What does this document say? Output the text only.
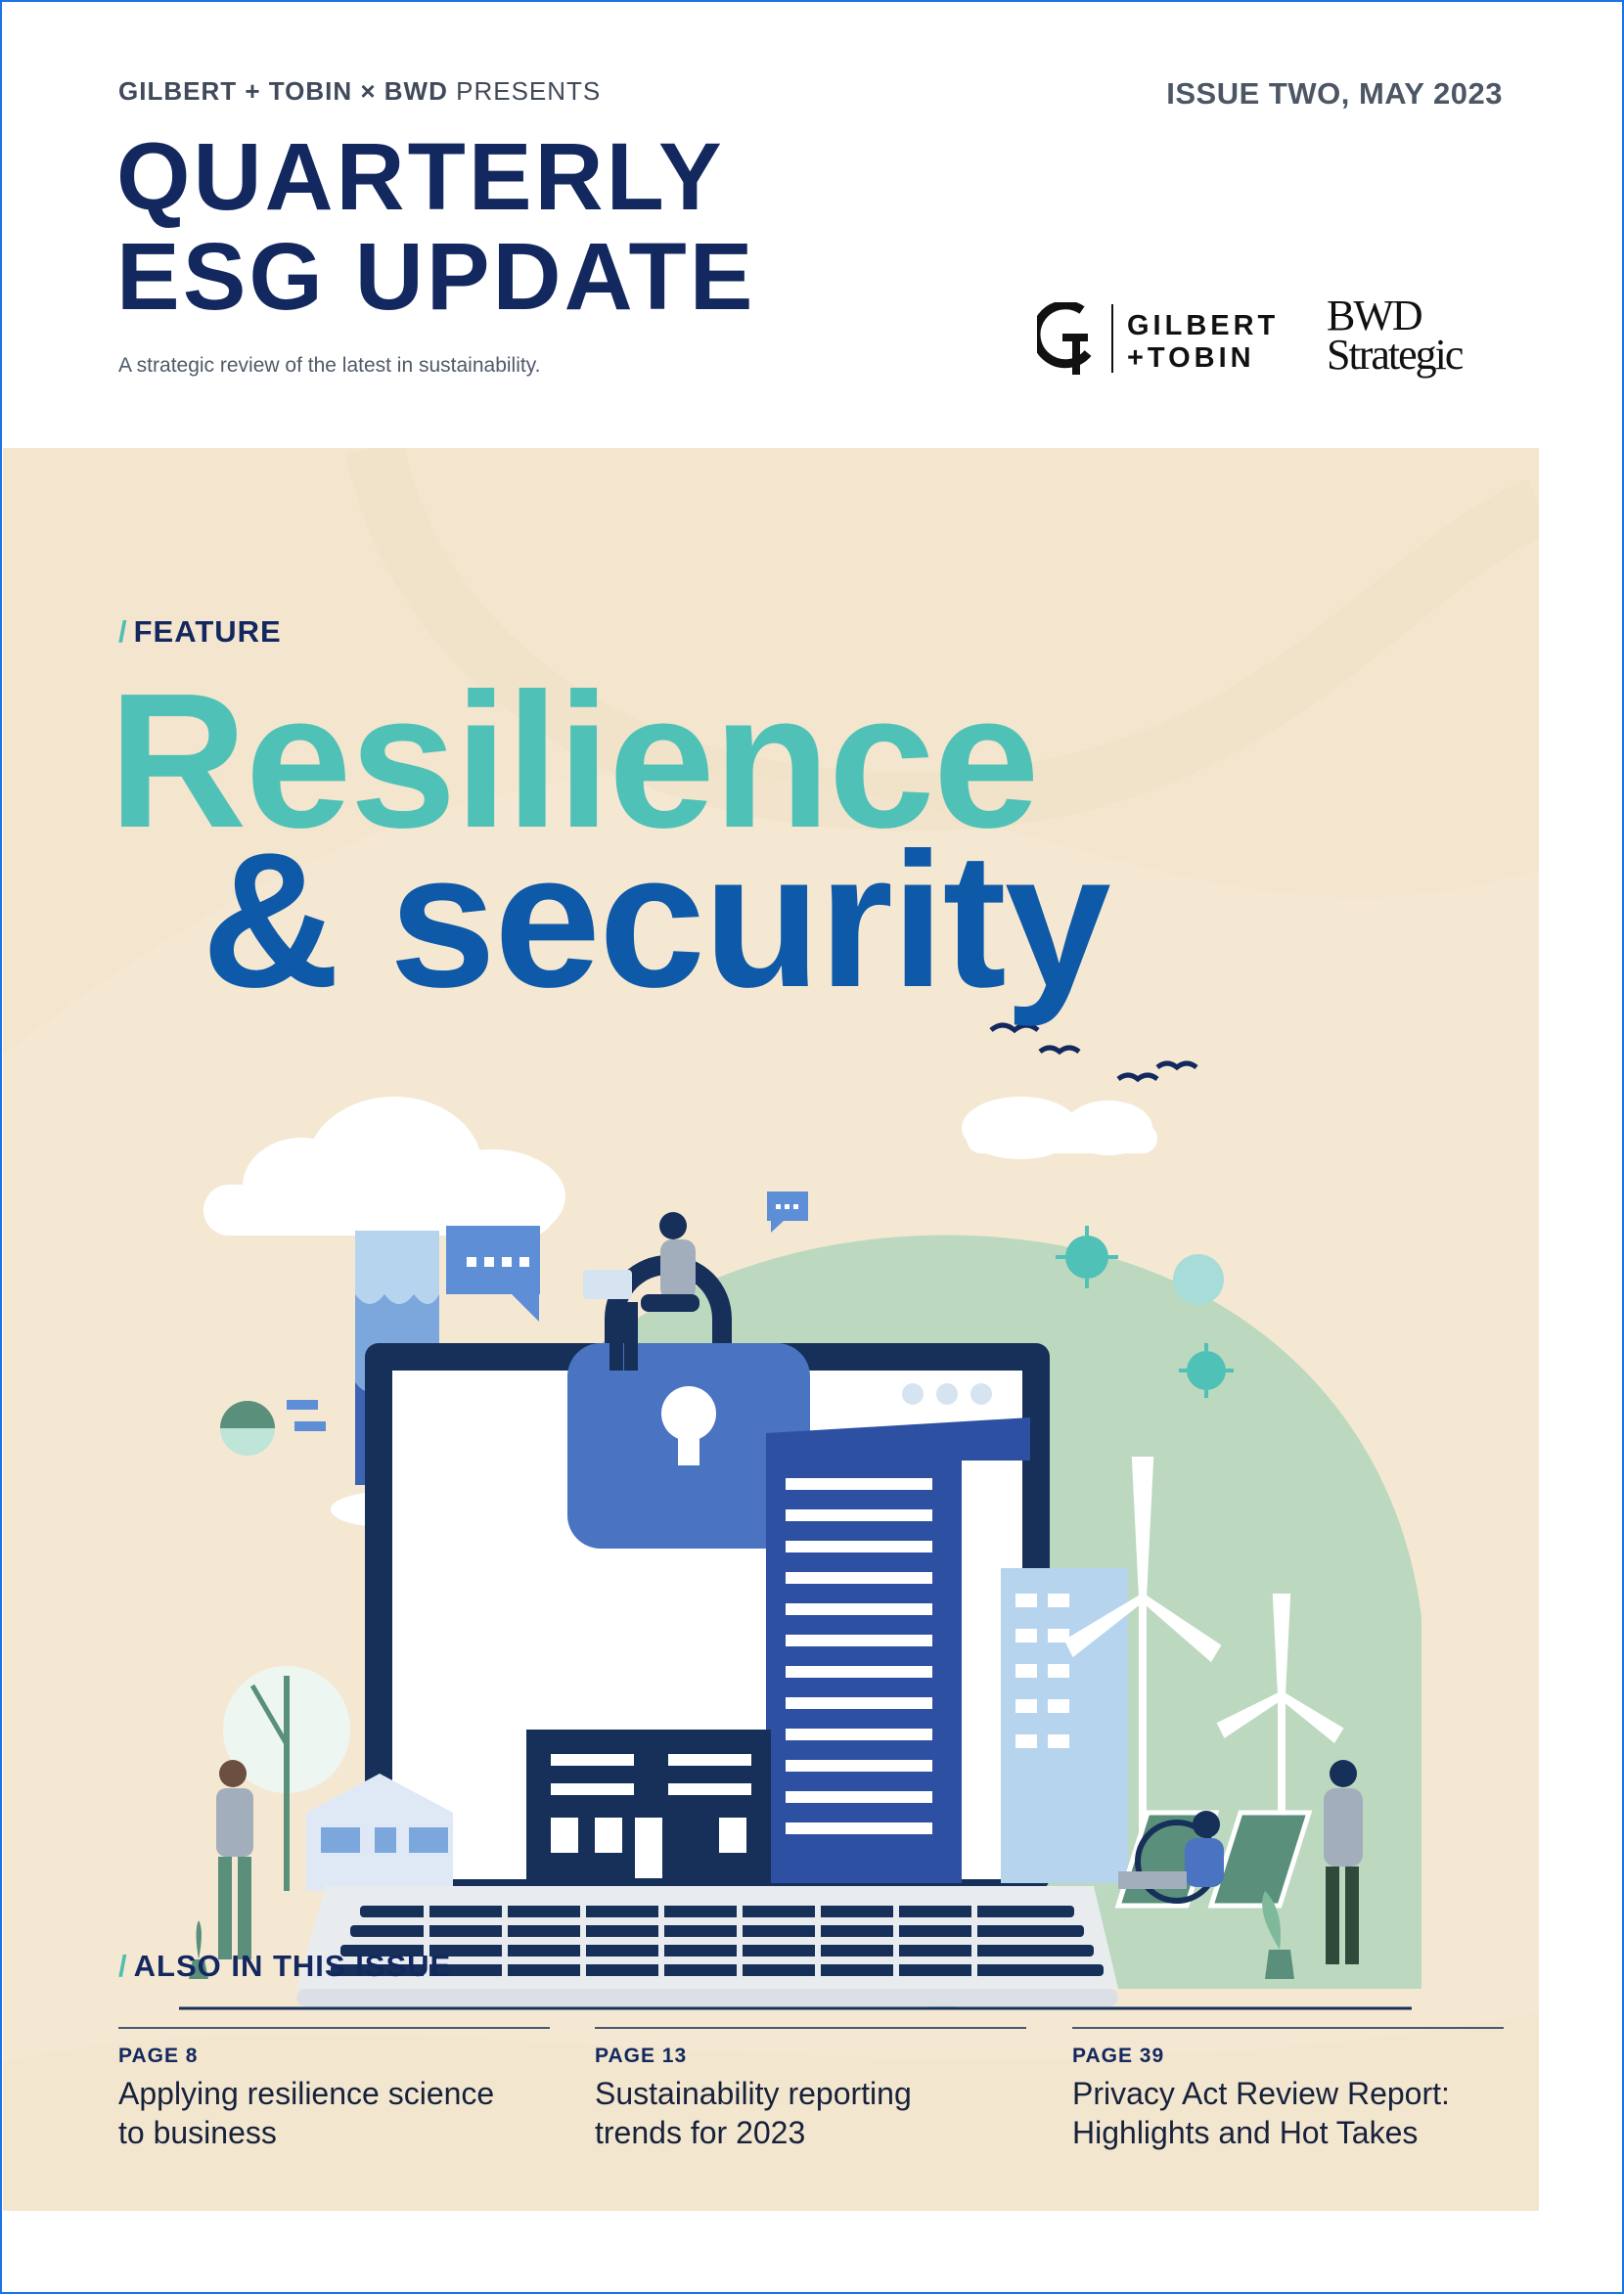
GILBERT + TOBIN × BWD PRESENTS	ISSUE TWO, MAY 2023
QUARTERLY
ESG UPDATE
A strategic review of the latest in sustainability.
GILBERT
+TOBIN
BWD
Strategic
/ FEATURE
Resilience
& security
/ ALSO IN THIS ISSUE
PAGE 8
Applying resilience science
to business
PAGE 13
Sustainability reporting
trends for 2023
PAGE 39
Privacy Act Review Report:
Highlights and Hot Takes
